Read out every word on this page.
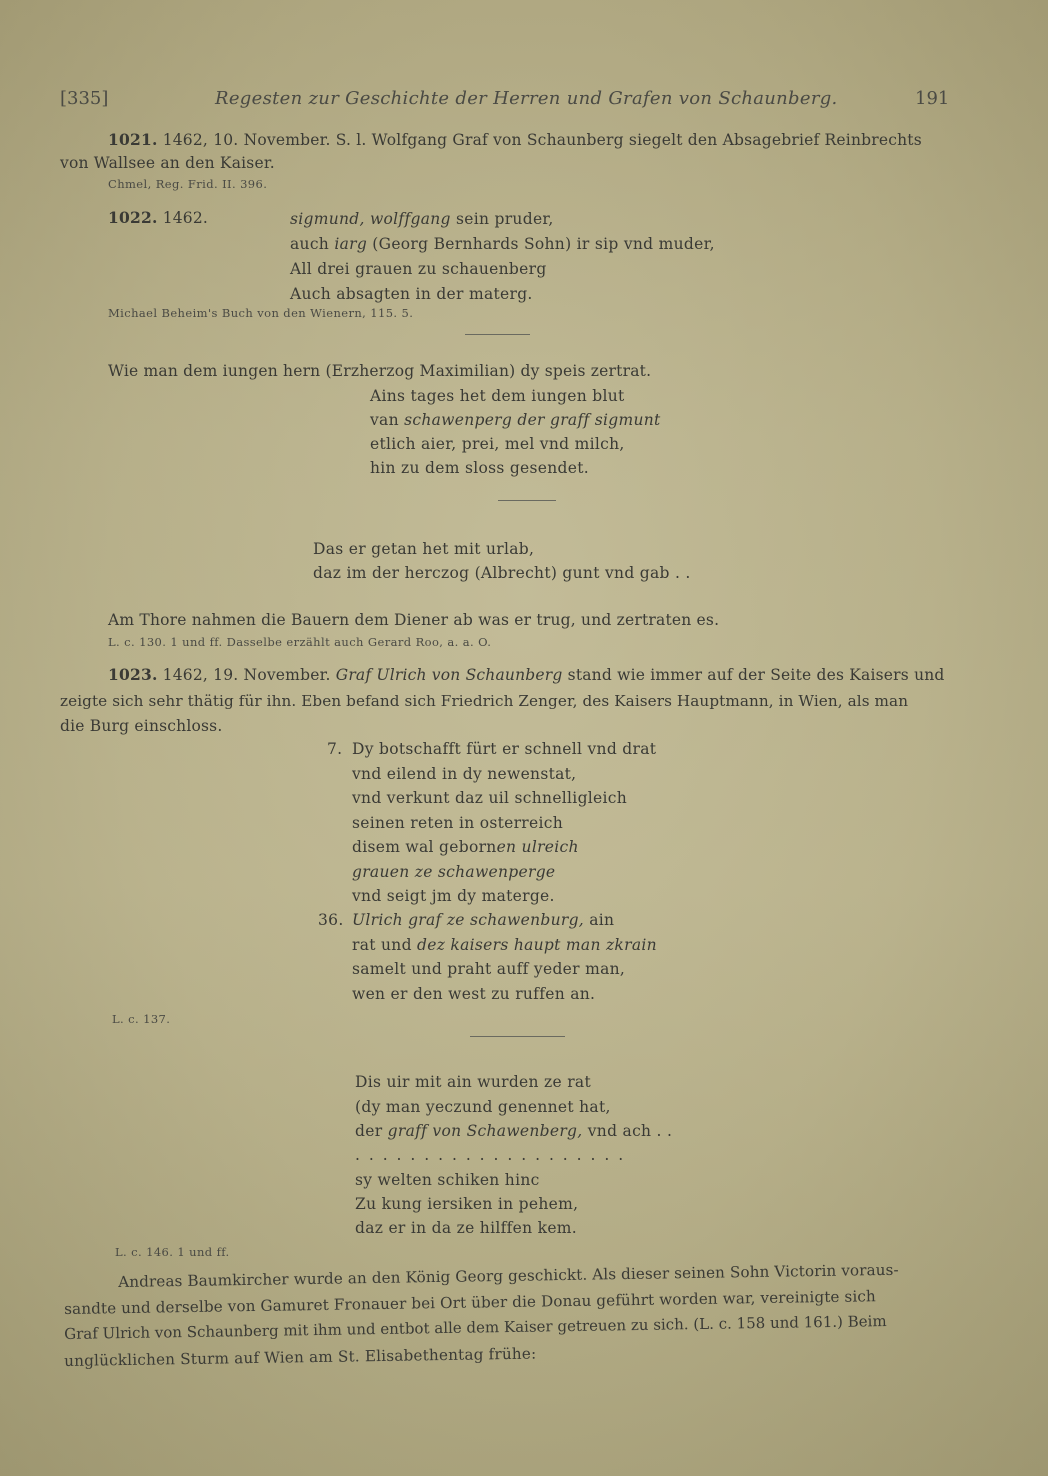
[335]	Regesten zur Geschichte der Herren und Grafen von Schaunberg.	191
1021. 1462, 10. November. S. l. Wolfgang Graf von Schaunberg siegelt den Absagebrief Reinbrechts
von Wallsee an den Kaiser.
Chmel, Reg. Frid. II. 396.
1022. 1462.	sigmund, wolffgang sein pruder,
auch iarg (Georg Bernhards Sohn) ir sip vnd muder,
All drei grauen zu schauenberg
Auch absagten in der materg.
Michael Beheim's Buch von den Wienern, 115. 5.
Wie man dem iungen hern (Erzherzog Maximilian) dy speis zertrat.
Ains tages het dem iungen blut
van schawenperg der graff sigmunt
etlich aier, prei, mel vnd milch,
hin zu dem sloss gesendet.
Das er getan het mit urlab,
daz im der herczog (Albrecht) gunt vnd gab . .
Am Thore nahmen die Bauern dem Diener ab was er trug, und zertraten es.
L. c. 130. 1 und ff. Dasselbe erzählt auch Gerard Roo, a. a. O.
1023. 1462, 19. November. Graf Ulrich von Schaunberg stand wie immer auf der Seite des Kaisers und
zeigte sich sehr thätig für ihn. Eben befand sich Friedrich Zenger, des Kaisers Hauptmann, in Wien, als man
die Burg einschloss.
7. Dy botschafft fürt er schnell vnd drat
vnd eilend in dy newenstat,
vnd verkunt daz uil schnelligleich
seinen reten in osterreich
disem wal gebornen ulreich
grauen ze schawenperge
vnd seigt jm dy materge.
36. Ulrich graf ze schawenburg, ain
rat und dez kaisers haupt man zkrain
samelt und praht auff yeder man,
wen er den west zu ruffen an.
L. c. 137.
Dis uir mit ain wurden ze rat
(dy man yeczund genennet hat,
der graff von Schawenberg, vnd ach . .
. . . . . . . . . . . . . . . . . . . .
sy welten schiken hinc
Zu kung iersiken in pehem,
daz er in da ze hilffen kem.
L. c. 146. 1 und ff.
Andreas Baumkircher wurde an den König Georg geschickt. Als dieser seinen Sohn Victorin voraus-
sandte und derselbe von Gamuret Fronauer bei Ort über die Donau geführt worden war, vereinigte sich
Graf Ulrich von Schaunberg mit ihm und entbot alle dem Kaiser getreuen zu sich. (L. c. 158 und 161.) Beim
unglücklichen Sturm auf Wien am St. Elisabethentag frühe:
